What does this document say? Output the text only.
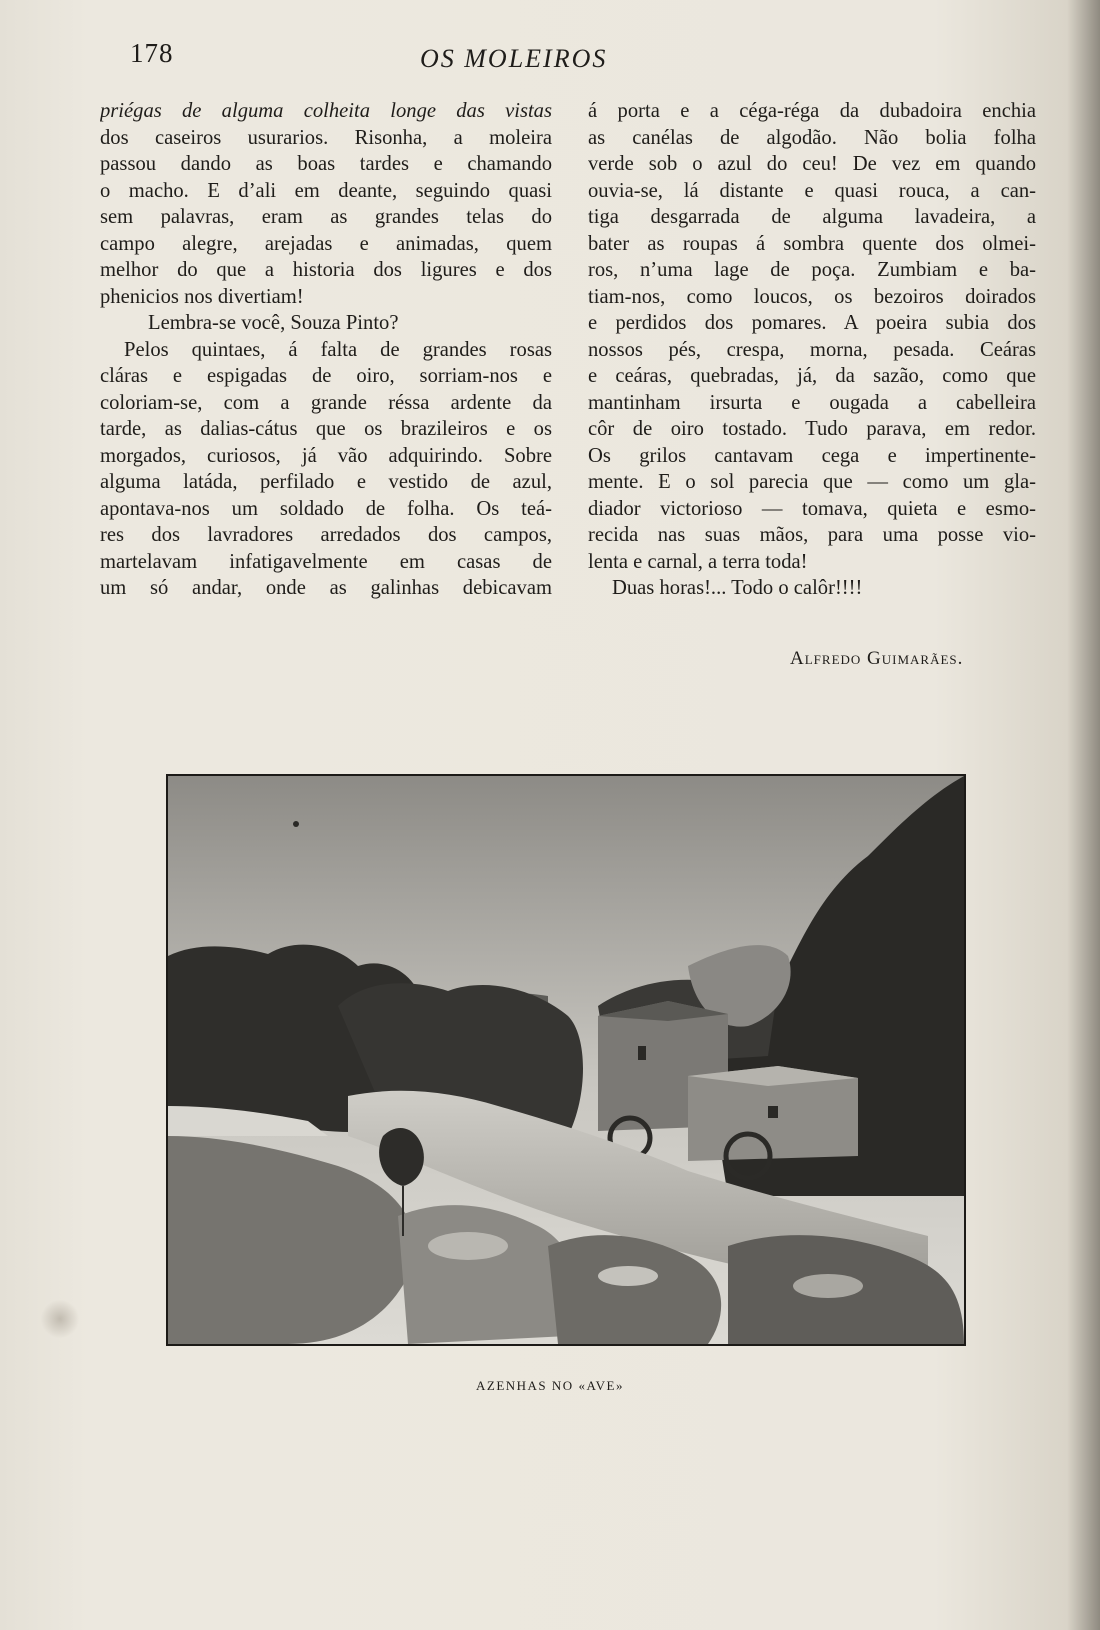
178	OS MOLEIROS
priégas de alguma colheita longe das vistas
dos caseiros usurarios. Risonha, a moleira
passou dando as boas tardes e chamando
o macho. E d’ali em deante, seguindo quasi
sem palavras, eram as grandes telas do
campo alegre, arejadas e animadas, quem
melhor do que a historia dos ligures e dos
phenicios nos divertiam!
Lembra-se você, Souza Pinto?
Pelos quintaes, á falta de grandes rosas
cláras e espigadas de oiro, sorriam-nos e
coloriam-se, com a grande réssa ardente da
tarde, as dalias-cátus que os brazileiros e os
morgados, curiosos, já vão adquirindo. Sobre
alguma latáda, perfilado e vestido de azul,
apontava-nos um soldado de folha. Os teá-
res dos lavradores arredados dos campos,
martelavam infatigavelmente em casas de
um só andar, onde as galinhas debicavam
á porta e a céga-réga da dubadoira enchia
as canélas de algodão. Não bolia folha
verde sob o azul do ceu! De vez em quando
ouvia-se, lá distante e quasi rouca, a can-
tiga desgarrada de alguma lavadeira, a
bater as roupas á sombra quente dos olmei-
ros, n’uma lage de poça. Zumbiam e ba-
tiam-nos, como loucos, os bezoiros doirados
e perdidos dos pomares. A poeira subia dos
nossos pés, crespa, morna, pesada. Ceáras
e ceáras, quebradas, já, da sazão, como que
mantinham irsurta e ougada a cabelleira
côr de oiro tostado. Tudo parava, em redor.
Os grilos cantavam cega e impertinente-
mente. E o sol parecia que — como um gla-
diador victorioso — tomava, quieta e esmo-
recida nas suas mãos, para uma posse vio-
lenta e carnal, a terra toda!
Duas horas!... Todo o calôr!!!!
Alfredo Guimarães.
AZENHAS NO «AVE»
